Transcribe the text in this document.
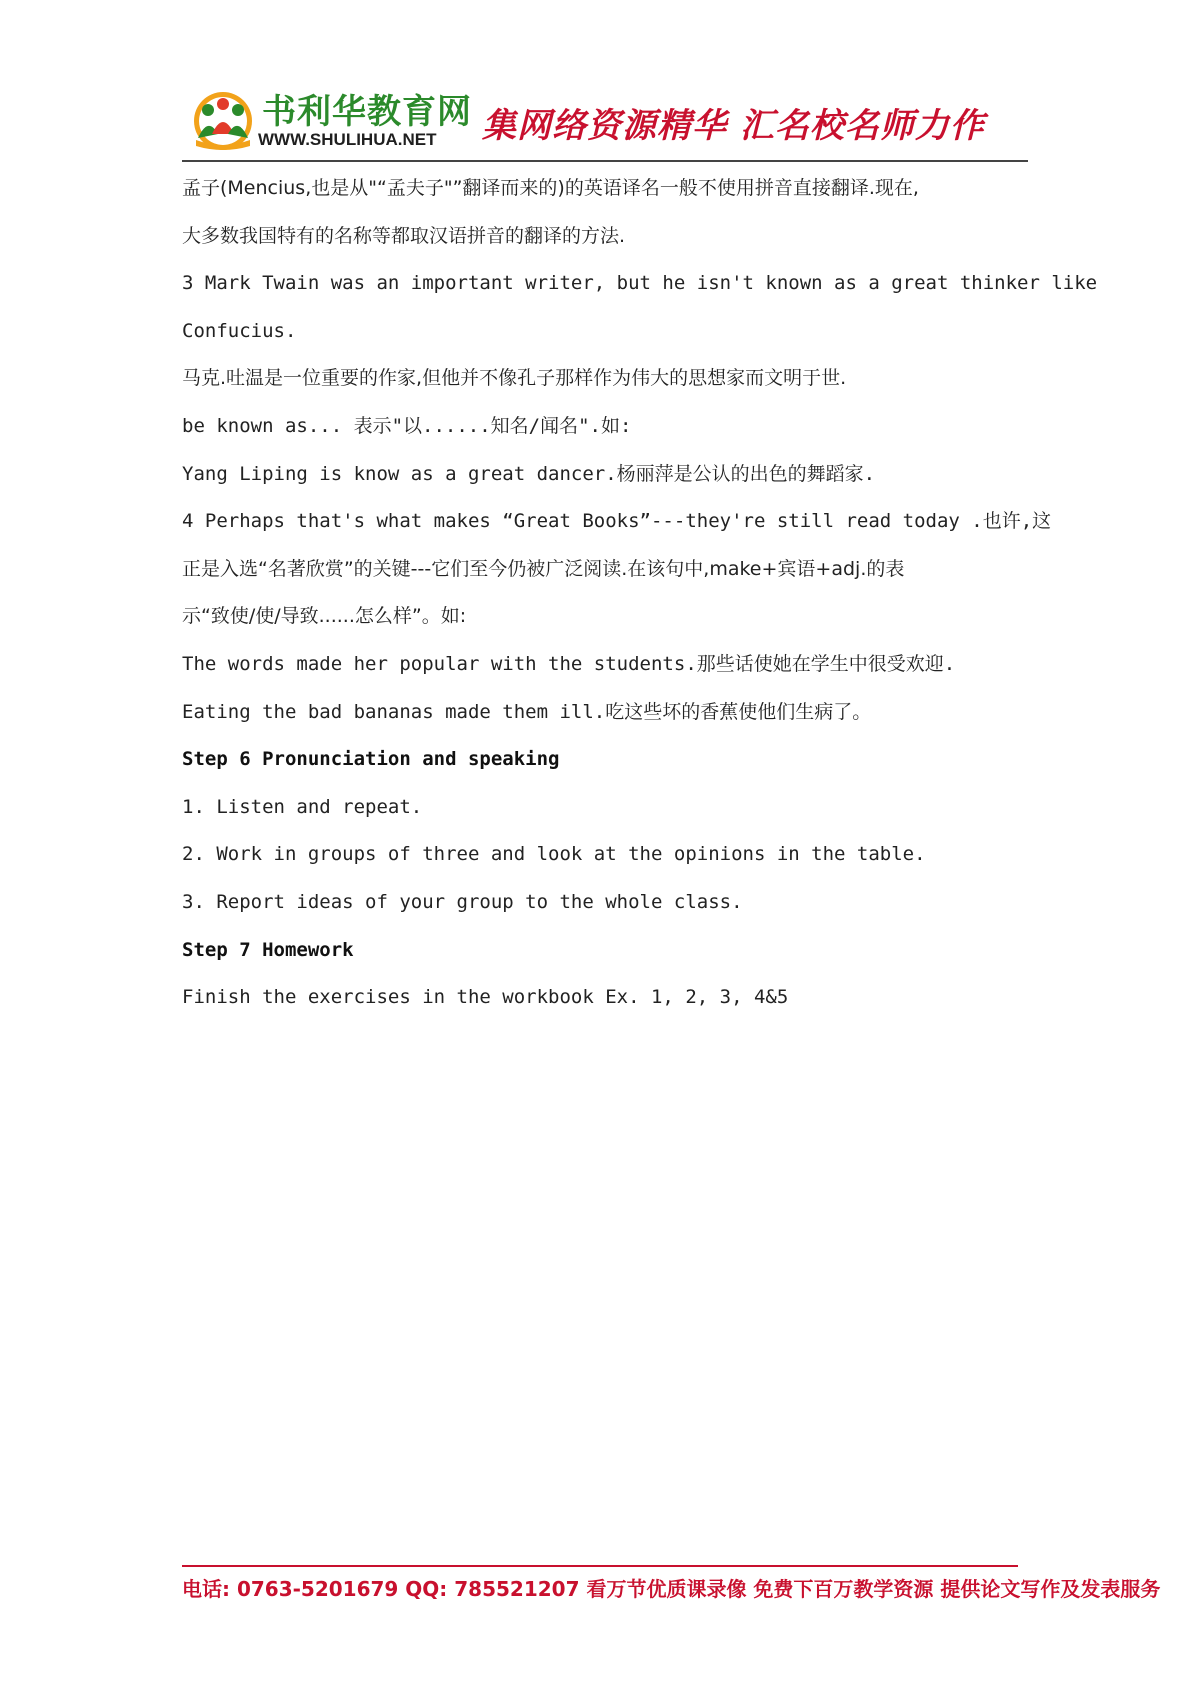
书利华教育网
WWW.SHULIHUA.NET 集网络资源精华 汇名校名师力作
孟子(Mencius,也是从"“孟夫子"”翻译而来的)的英语译名一般不使用拼音直接翻译.现在,
大多数我国特有的名称等都取汉语拼音的翻译的方法.
3 Mark Twain was an important writer, but he isn't known as a great thinker like
Confucius.
马克.吐温是一位重要的作家,但他并不像孔子那样作为伟大的思想家而文明于世.
be known as... 表示"以......知名/闻名".如:
Yang Liping is know as a great dancer.杨丽萍是公认的出色的舞蹈家.
4 Perhaps that's what makes “Great Books”---they're still read today .也许,这
正是入选“名著欣赏”的关键---它们至今仍被广泛阅读.在该句中,make+宾语+adj.的表
示“致使/使/导致......怎么样”。如:
The words made her popular with the students.那些话使她在学生中很受欢迎.
Eating the bad bananas made them ill.吃这些坏的香蕉使他们生病了。
Step 6 Pronunciation and speaking
1. Listen and repeat.
2. Work in groups of three and look at the opinions in the table.
3. Report ideas of your group to the whole class.
Step 7 Homework
Finish the exercises in the workbook Ex. 1, 2, 3, 4&5
电话: 0763-5201679 QQ: 785521207 看万节优质课录像 免费下百万教学资源 提供论文写作及发表服务
